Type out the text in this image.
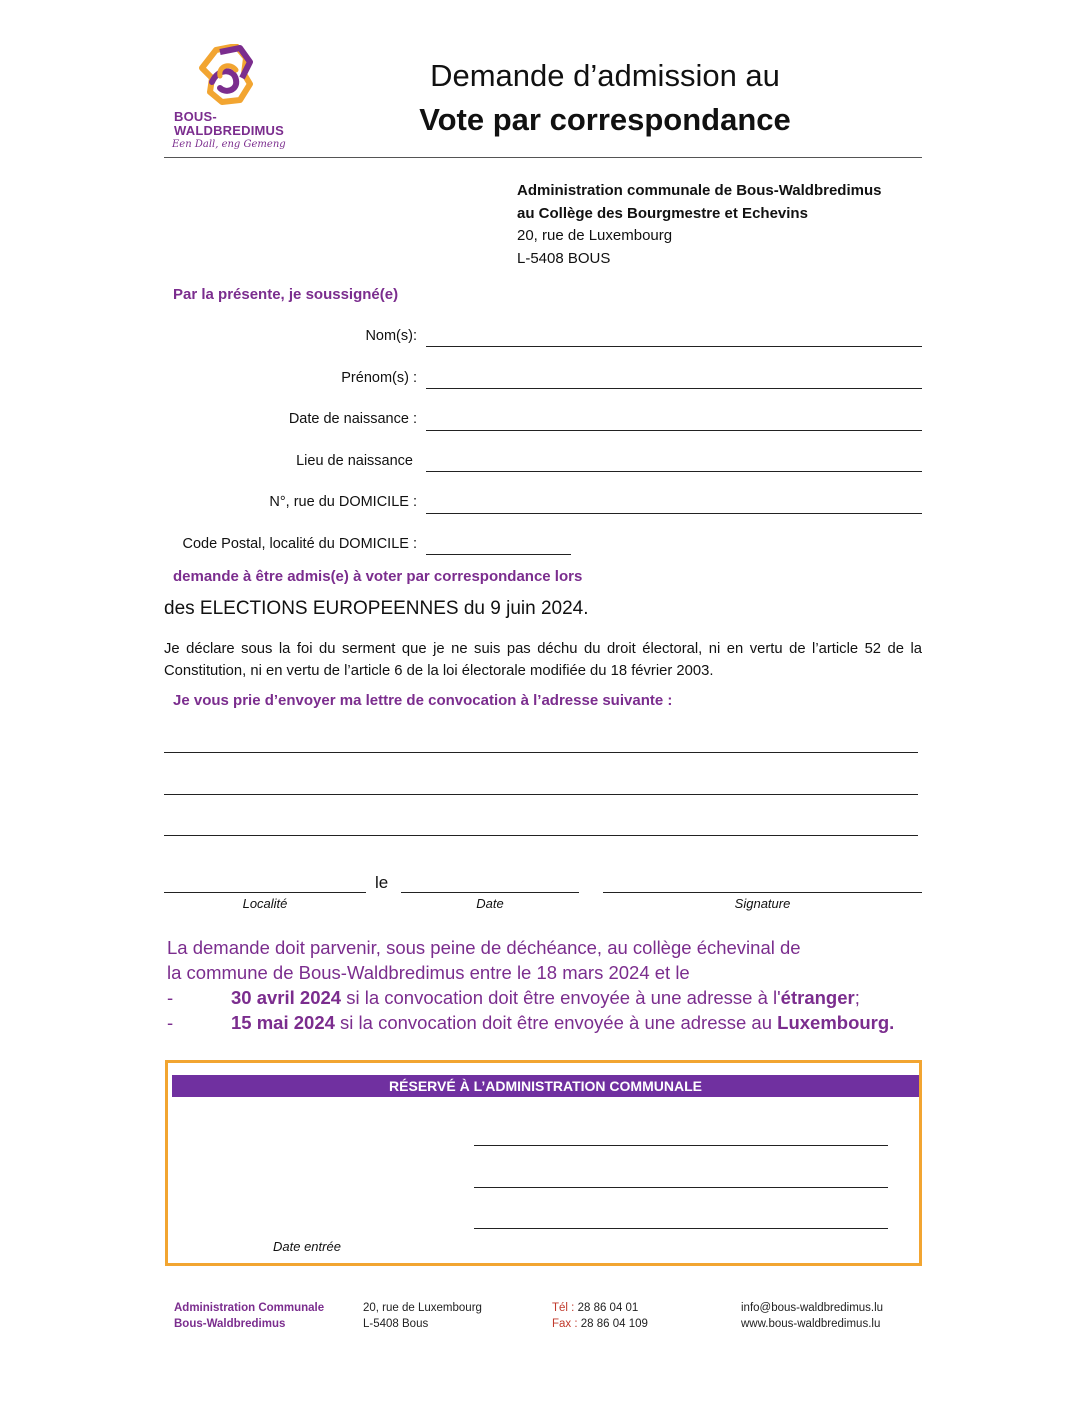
BOUS-
WALDBREDIMUS
Een Dall, eng Gemeng
Demande d’admission au
Vote par correspondance
Administration communale de Bous-Waldbredimus
au Collège des Bourgmestre et Echevins
20, rue de Luxembourg
L-5408 BOUS
Par la présente, je soussigné(e)
Nom(s):
Prénom(s) :
Date de naissance :
Lieu de naissance
N°, rue du DOMICILE :
Code Postal, localité du DOMICILE :
demande à être admis(e) à voter par correspondance lors
des ELECTIONS EUROPEENNES du 9 juin 2024.
Je déclare sous la foi du serment que je ne suis pas déchu du droit électoral, ni en vertu de l’article 52 de la Constitution, ni en vertu de l’article 6 de la loi électorale modifiée du 18 février 2003.
Je vous prie d’envoyer ma lettre de convocation à l’adresse suivante :
le
Localité	Date	Signature
La demande doit parvenir, sous peine de déchéance, au collège échevinal de
la commune de Bous-Waldbredimus entre le 18 mars 2024 et le
-	30 avril 2024 si la convocation doit être envoyée à une adresse à l'étranger;
-	15 mai 2024 si la convocation doit être envoyée à une adresse au Luxembourg.
RÉSERVÉ À L’ADMINISTRATION COMMUNALE
Date entrée
Administration Communale
Bous-Waldbredimus
20, rue de Luxembourg
L-5408 Bous
Tél : 28 86 04 01
Fax : 28 86 04 109
info@bous-waldbredimus.lu
www.bous-waldbredimus.lu
